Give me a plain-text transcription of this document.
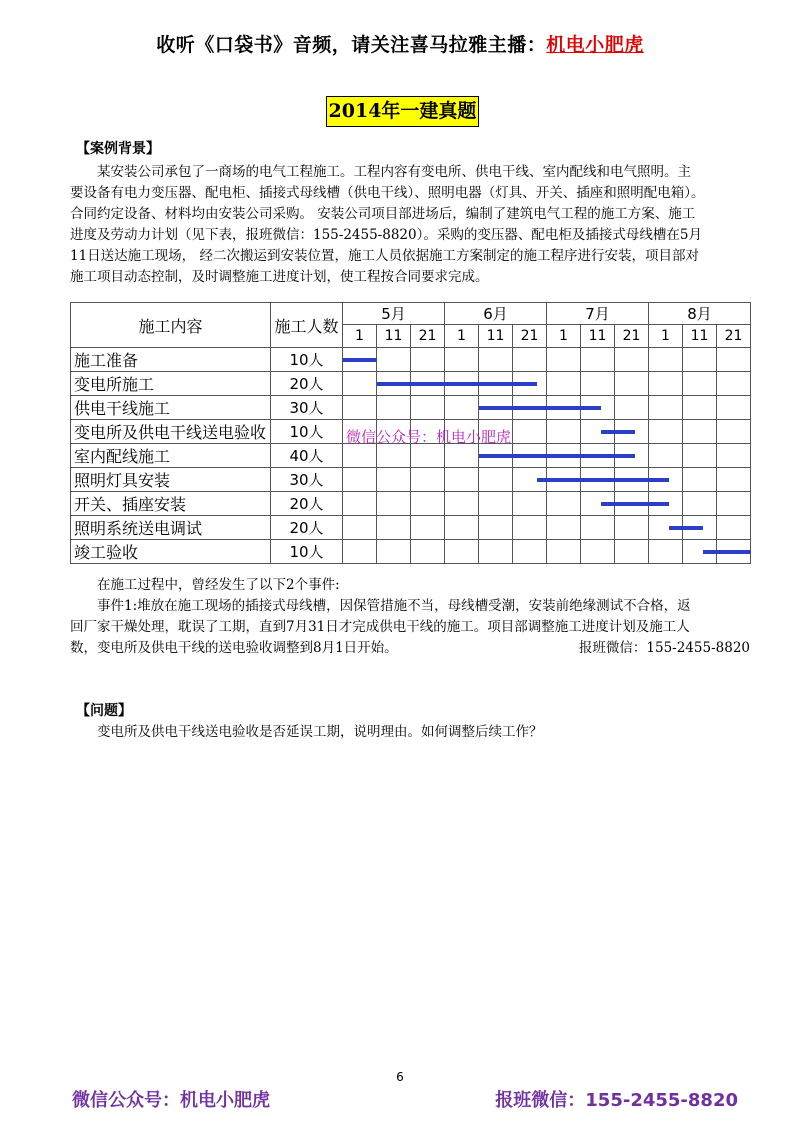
收听《口袋书》音频，请关注喜马拉雅主播：机电小肥虎
2014年一建真题
【案例背景】
某安装公司承包了一商场的电气工程施工。工程内容有变电所、供电干线、室内配线和电气照明。主
要设备有电力变压器、配电柜、插接式母线槽（供电干线）、照明电器（灯具、开关、插座和照明配电箱）。
合同约定设备、材料均由安装公司采购。 安装公司项目部进场后，编制了建筑电气工程的施工方案、施工
进度及劳动力计划（见下表，报班微信：155-2455-8820）。采购的变压器、配电柜及插接式母线槽在5月
11日送达施工现场， 经二次搬运到安装位置，施工人员依据施工方案制定的施工程序进行安装，项目部对
施工项目动态控制，及时调整施工进度计划，使工程按合同要求完成。
施工内容	施工人数	5月			6月			7月			8月		
		1	11	21	1	11	21	1	11	21	1	11	21
施工准备	10人	

变电所施工	20人	

供电干线施工	30人	

变电所及供电干线送电验收	10人	

室内配线施工	40人	

照明灯具安装	30人	

开关、插座安装	20人	

照明系统送电调试	20人	

竣工验收	10人	

微信公众号：机电小肥虎
在施工过程中，曾经发生了以下2个事件:
事件1:堆放在施工现场的插接式母线槽，因保管措施不当，母线槽受潮，安装前绝缘测试不合格，返
回厂家干燥处理，耽误了工期，直到7月31日才完成供电干线的施工。项目部调整施工进度计划及施工人
数，变电所及供电干线的送电验收调整到8月1日开始。	报班微信：155-2455-8820
【问题】
变电所及供电干线送电验收是否延误工期，说明理由。如何调整后续工作？
6
微信公众号：机电小肥虎	报班微信：155-2455-8820
